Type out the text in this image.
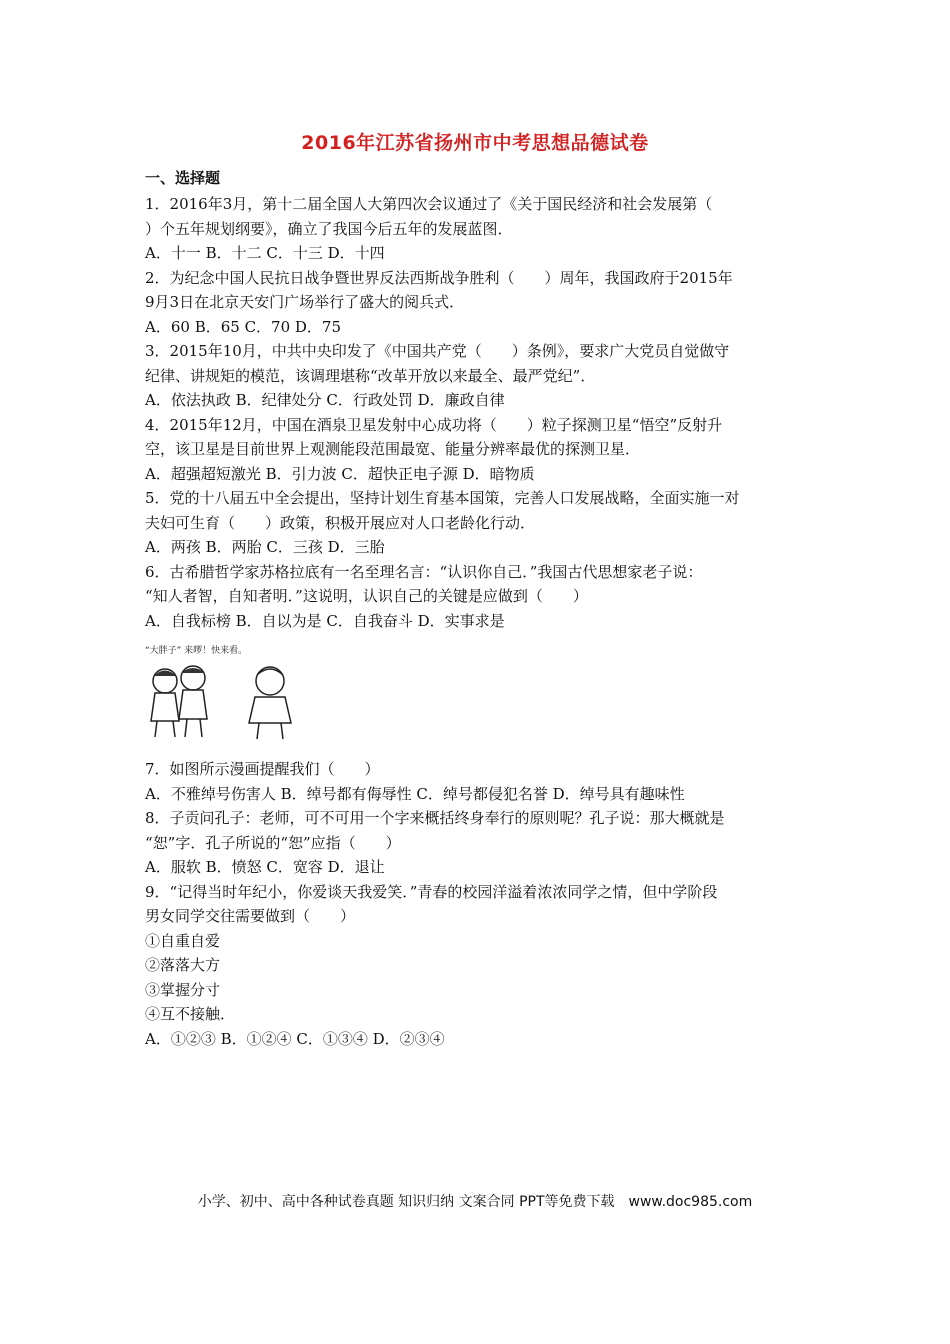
2016年江苏省扬州市中考思想品德试卷
一、选择题
1．2016年3月，第十二届全国人大第四次会议通过了《关于国民经济和社会发展第（
）个五年规划纲要》，确立了我国今后五年的发展蓝图．
A．十一 B．十二 C．十三 D．十四
2．为纪念中国人民抗日战争暨世界反法西斯战争胜利（　　）周年，我国政府于2015年
9月3日在北京天安门广场举行了盛大的阅兵式．
A．60 B．65 C．70 D．75
3．2015年10月，中共中央印发了《中国共产党（　　）条例》，要求广大党员自觉做守
纪律、讲规矩的模范，该调理堪称“改革开放以来最全、最严党纪”．
A．依法执政 B．纪律处分 C．行政处罚 D．廉政自律
4．2015年12月，中国在酒泉卫星发射中心成功将（　　）粒子探测卫星“悟空”反射升
空，该卫星是目前世界上观测能段范围最宽、能量分辨率最优的探测卫星．
A．超强超短激光 B．引力波 C．超快正电子源 D．暗物质
5．党的十八届五中全会提出，坚持计划生育基本国策，完善人口发展战略，全面实施一对
夫妇可生育（　　）政策，积极开展应对人口老龄化行动．
A．两孩 B．两胎 C．三孩 D．三胎
6．古希腊哲学家苏格拉底有一名至理名言：“认识你自己．”我国古代思想家老子说：
“知人者智，自知者明．”这说明，认识自己的关键是应做到（　　）
A．自我标榜 B．自以为是 C．自我奋斗 D．实事求是
“大胖子” 来啰！快来看。
7．如图所示漫画提醒我们（　　）
A．不雅绰号伤害人 B．绰号都有侮辱性 C．绰号都侵犯名誉 D．绰号具有趣味性
8．子贡问孔子：老师，可不可用一个字来概括终身奉行的原则呢？孔子说：那大概就是
“恕”字．孔子所说的“恕”应指（　　）
A．服软 B．愤怒 C．宽容 D．退让
9．“记得当时年纪小，你爱谈天我爱笑．”青春的校园洋溢着浓浓同学之情，但中学阶段
男女同学交往需要做到（　　）
①自重自爱
②落落大方
③掌握分寸
④互不接触．
A．①②③ B．①②④ C．①③④ D．②③④
小学、初中、高中各种试卷真题 知识归纳 文案合同 PPT等免费下载　www.doc985.com
